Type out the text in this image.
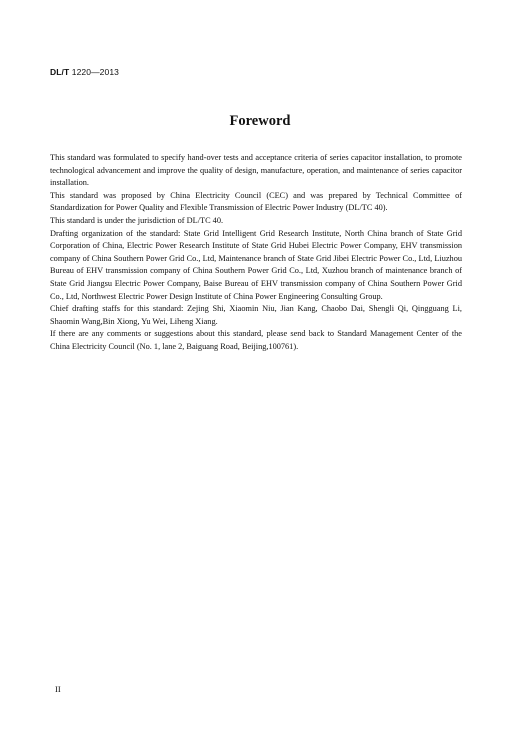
DL/T 1220—2013
Foreword

This standard was formulated to specify hand-over tests and acceptance criteria of series capacitor installation, to promote technological advancement and improve the quality of design, manufacture, operation, and maintenance of series capacitor installation.

This standard was proposed by China Electricity Council (CEC) and was prepared by Technical Committee of Standardization for Power Quality and Flexible Transmission of Electric Power Industry (DL/TC 40).

This standard is under the jurisdiction of DL/TC 40.

Drafting organization of the standard: State Grid Intelligent Grid Research Institute, North China branch of State Grid Corporation of China, Electric Power Research Institute of State Grid Hubei Electric Power Company, EHV transmission company of China Southern Power Grid Co., Ltd, Maintenance branch of State Grid Jibei Electric Power Co., Ltd, Liuzhou Bureau of EHV transmission company of China Southern Power Grid Co., Ltd, Xuzhou branch of maintenance branch of State Grid Jiangsu Electric Power Company, Baise Bureau of EHV transmission company of China Southern Power Grid Co., Ltd, Northwest Electric Power Design Institute of China Power Engineering Consulting Group.

Chief drafting staffs for this standard: Zejing Shi, Xiaomin Niu, Jian Kang, Chaobo Dai, Shengli Qi, Qingguang Li, Shaomin Wang,Bin Xiong, Yu Wei, Liheng Xiang.

If there are any comments or suggestions about this standard, please send back to Standard Management Center of the China Electricity Council (No. 1, lane 2, Baiguang Road, Beijing,100761).

II
